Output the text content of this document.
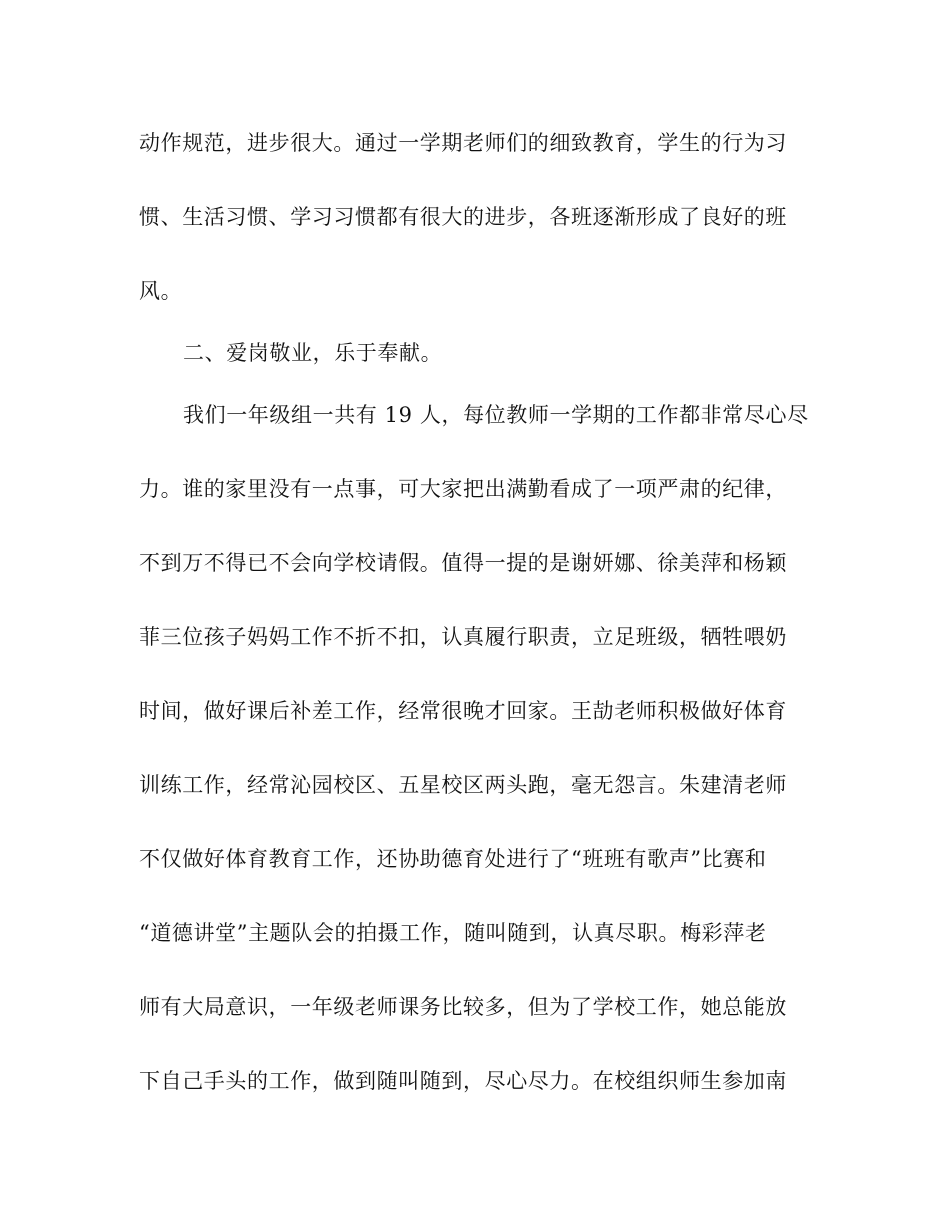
动作规范，进步很大。通过一学期老师们的细致教育，学生的行为习
惯、生活习惯、学习习惯都有很大的进步，各班逐渐形成了良好的班
风。
二、爱岗敬业，乐于奉献。
我们一年级组一共有 19 人，每位教师一学期的工作都非常尽心尽
力。谁的家里没有一点事，可大家把出满勤看成了一项严肃的纪律，
不到万不得已不会向学校请假。值得一提的是谢妍娜、徐美萍和杨颖
菲三位孩子妈妈工作不折不扣，认真履行职责，立足班级，牺牲喂奶
时间，做好课后补差工作，经常很晚才回家。王劼老师积极做好体育
训练工作，经常沁园校区、五星校区两头跑，毫无怨言。朱建清老师
不仅做好体育教育工作，还协助德育处进行了“班班有歌声”比赛和
“道德讲堂”主题队会的拍摄工作，随叫随到，认真尽职。梅彩萍老
师有大局意识，一年级老师课务比较多，但为了学校工作，她总能放
下自己手头的工作，做到随叫随到，尽心尽力。在校组织师生参加南
